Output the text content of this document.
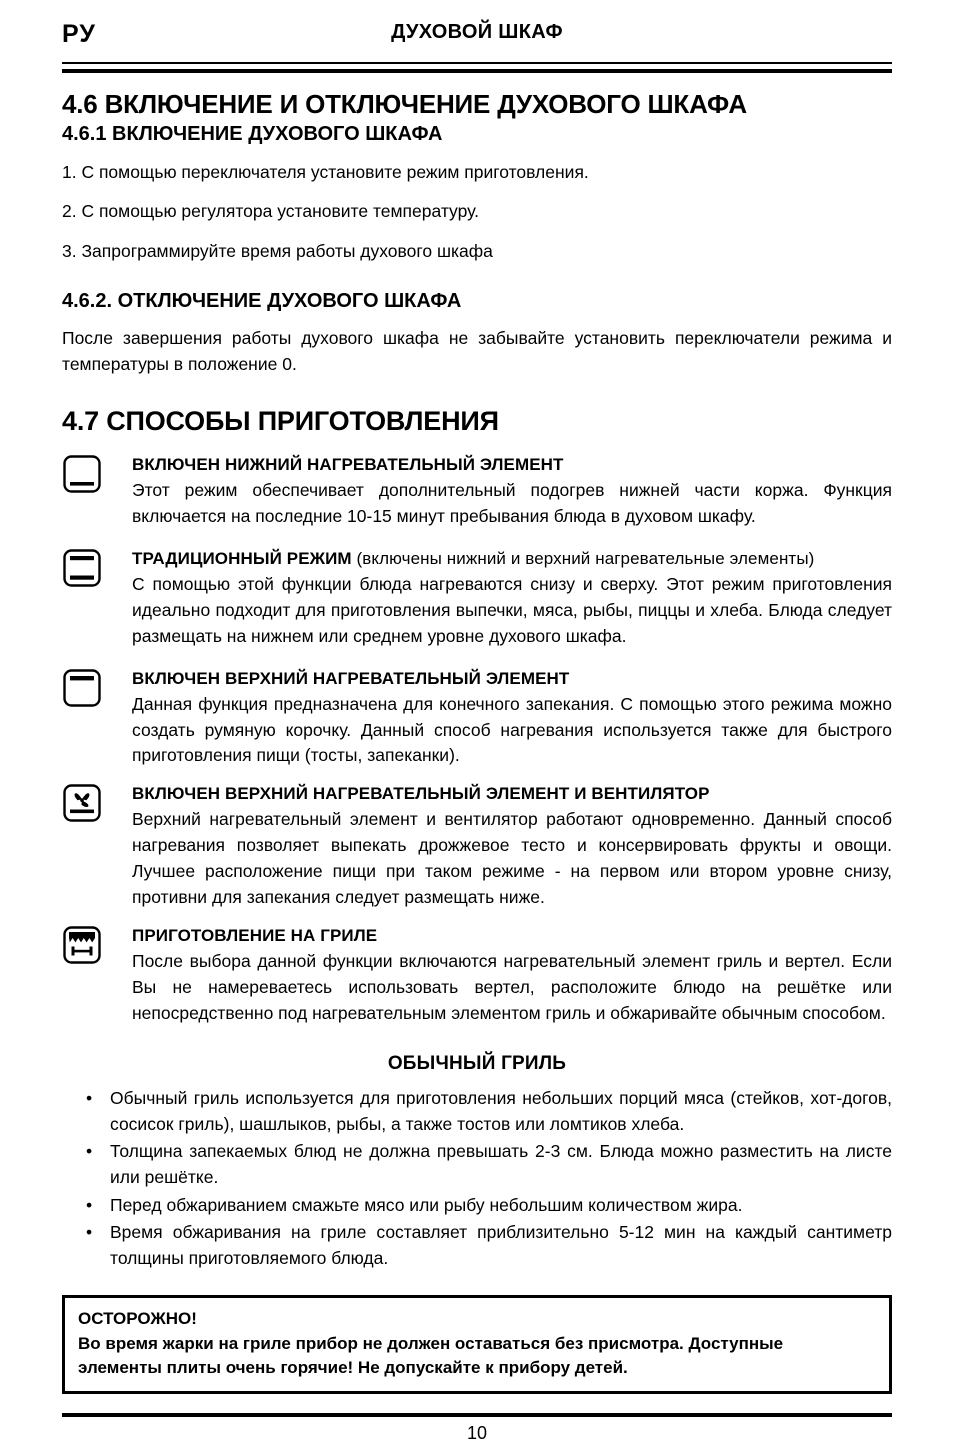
РУ	ДУХОВОЙ ШКАФ
4.6 ВКЛЮЧЕНИЕ И ОТКЛЮЧЕНИЕ ДУХОВОГО ШКАФА
4.6.1 ВКЛЮЧЕНИЕ ДУХОВОГО ШКАФА
1. С помощью переключателя установите режим приготовления.
2. С помощью регулятора установите температуру.
3. Запрограммируйте время работы духового шкафа
4.6.2. ОТКЛЮЧЕНИЕ ДУХОВОГО ШКАФА

После завершения работы духового шкафа не забывайте установить переключатели режима и температуры в положение 0.

4.7 СПОСОБЫ ПРИГОТОВЛЕНИЯ
ВКЛЮЧЕН НИЖНИЙ НАГРЕВАТЕЛЬНЫЙ ЭЛЕМЕНТ
Этот режим обеспечивает дополнительный подогрев нижней части коржа. Функция включается на последние 10-15 минут пребывания блюда в духовом шкафу.
ТРАДИЦИОННЫЙ РЕЖИМ (включены нижний и верхний нагревательные элементы)
С помощью этой функции блюда нагреваются снизу и сверху. Этот режим приготовления идеально подходит для приготовления выпечки, мяса, рыбы, пиццы и хлеба. Блюда следует размещать на нижнем или среднем уровне духового шкафа.
ВКЛЮЧЕН ВЕРХНИЙ НАГРЕВАТЕЛЬНЫЙ ЭЛЕМЕНТ
Данная функция предназначена для конечного запекания. С помощью этого режима можно создать румяную корочку. Данный способ нагревания используется также для быстрого приготовления пищи (тосты, запеканки).
ВКЛЮЧЕН ВЕРХНИЙ НАГРЕВАТЕЛЬНЫЙ ЭЛЕМЕНТ И ВЕНТИЛЯТОР
Верхний нагревательный элемент и вентилятор работают одновременно. Данный способ нагревания позволяет выпекать дрожжевое тесто и консервировать фрукты и овощи. Лучшее расположение пищи при таком режиме - на первом или втором уровне снизу, противни для запекания следует размещать ниже.
ПРИГОТОВЛЕНИЕ НА ГРИЛЕ
После выбора данной функции включаются нагревательный элемент гриль и вертел. Если Вы не намереваетесь использовать вертел, расположите блюдо на решётке или непосредственно под нагревательным элементом гриль и обжаривайте обычным способом.
ОБЫЧНЫЙ ГРИЛЬ
• Обычный гриль используется для приготовления небольших порций мяса (стейков, хот-догов, сосисок гриль), шашлыков, рыбы, а также тостов или ломтиков хлеба.
• Толщина запекаемых блюд не должна превышать 2-3 см. Блюда можно разместить на листе или решётке.
• Перед обжариванием смажьте мясо или рыбу небольшим количеством жира.
• Время обжаривания на гриле составляет приблизительно 5-12 мин на каждый сантиметр толщины приготовляемого блюда.
ОСТОРОЖНО!
Во время жарки на гриле прибор не должен оставаться без присмотра. Доступные
элементы плиты очень горячие! Не допускайте к прибору детей.
10
